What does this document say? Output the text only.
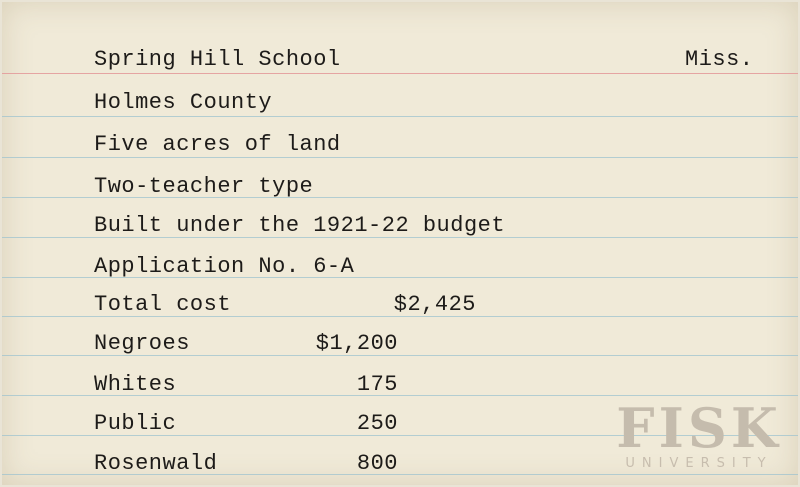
Spring Hill School	Miss.
Holmes County
Five acres of land
Two-teacher type
Built under the 1921-22 budget
Application No. 6-A
Total cost	$2,425
Negroes	$1,200
Whites	175
Public	250
Rosenwald	800
FISK
UNIVERSITY
